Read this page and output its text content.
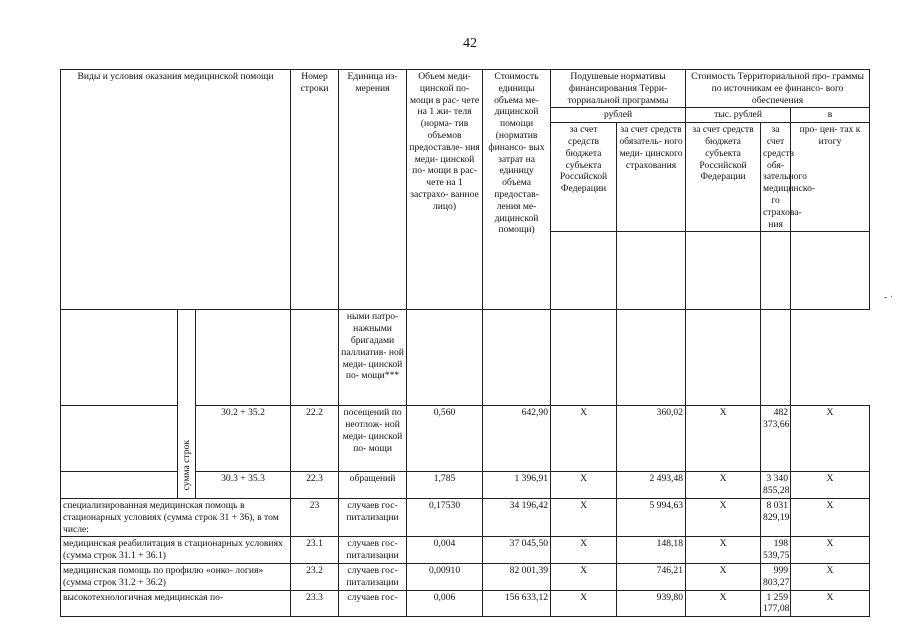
42
- ·
Виды и условия оказания медицинской помощи			Номер строки	Единица из- мерения	Объем меди- цинской по- мощи в рас- чете на 1 жи- теля (норма- тив объемов предоставле- ния меди- цинской по- мощи в рас- чете на 1 застрахо- ванное лицо)	Стоимость единицы объема ме- дицинской помощи (норматив финансо- вых затрат на единицу объема предостав- ления ме- дицинской помощи)	Подушевые нормативы финансирования Терри- торриальной программы		Стоимость Территориальной про- граммы по источникам ее финансо- вого обеспечения		
							рублей		тыс. рублей		в
							за счет средств бюджета субъекта Российской Федерации	за счет средств обязатель- ного меди- цинского страхования	за счет средств бюджета субъекта Российской Федерации	за счет средств обя- зательного медицинско- го страхова- ния	про- цен- тах к итогу

	сумма строк			ными патро- нажными бригадами паллиатив- ной меди- цинской по- мощи***							
		30.2 + 35.2	22.2	посещений по неотлож- ной меди- цинской по- мощи	0,560	642,90	X	360,02	X	482 373,66	X
		30.3 + 35.3	22.3	обращений	1,785	1 396,91	X	2 493,48	X	3 340 855,28	X
специализированная медицинская помощь в стационарных условиях (сумма строк 31 + 36), в том числе:			23	случаев гос- питализации	0,17530	34 196,42	X	5 994,63	X	8 031 829,19	X
медицинская реабилитация в стационарных условиях (сумма строк 31.1 + 36.1)			23.1	случаев гос- питализации	0,004	37 045,50	X	148,18	X	198 539,75	X
медицинская помощь по профилю «онко- логия» (сумма строк 31.2 + 36.2)			23.2	случаев гос- питализации	0,00910	82 001,39	X	746,21	X	999 803,27	X
высокотехнологичная медицинская по-			23.3	случаев гос-	0,006	156 633,12	X	939,80	X	1 259 177,08	X
